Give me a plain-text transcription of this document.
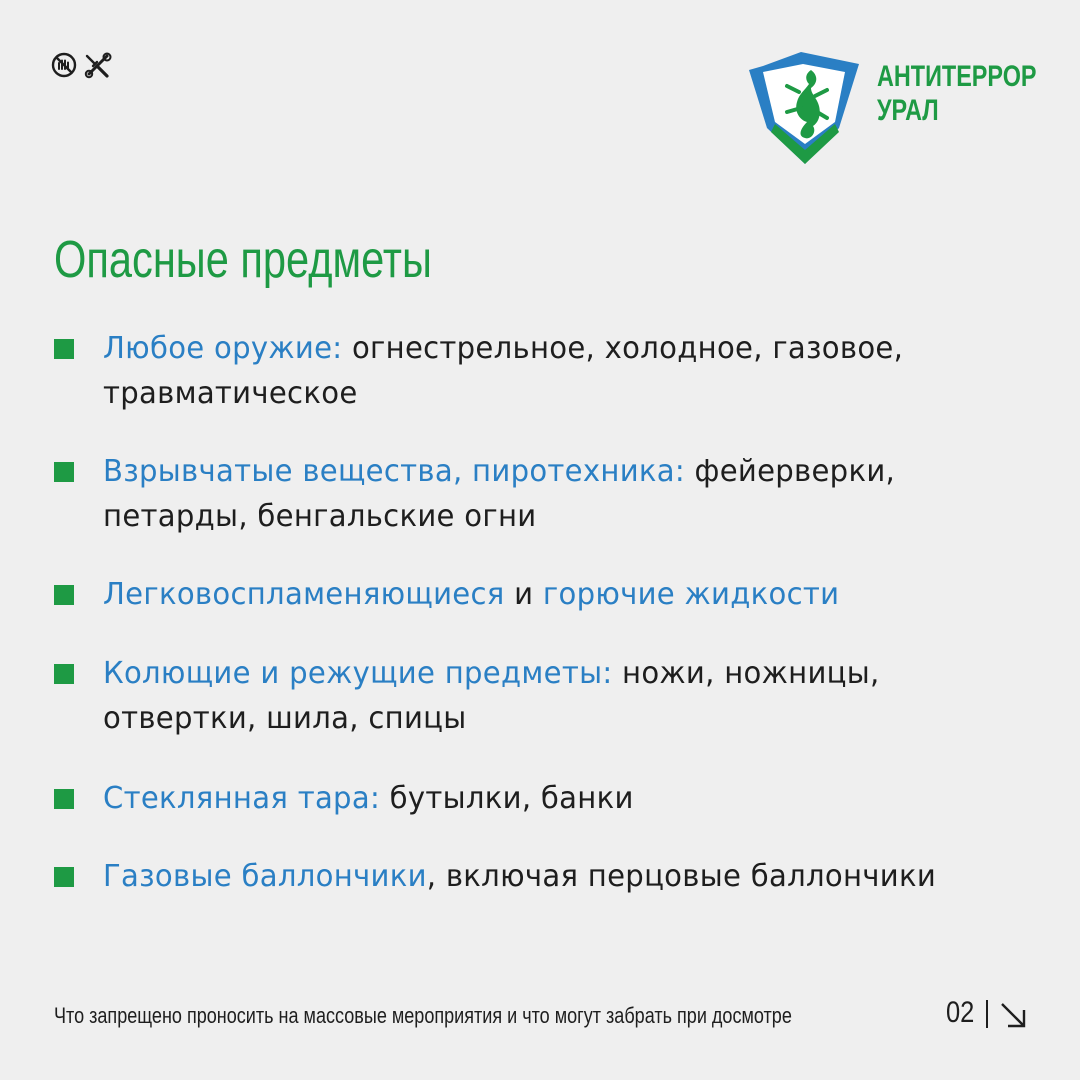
АНТИТЕРРОР
УРАЛ
Опасные предметы
Любое оружие: огнестрельное, холодное, газовое, травматическое
Взрывчатые вещества, пиротехника: фейерверки, петарды, бенгальские огни
Легковоспламеняющиеся и горючие жидкости
Колющие и режущие предметы: ножи, ножницы, отвертки, шила, спицы
Стеклянная тара: бутылки, банки
Газовые баллончики, включая перцовые баллончики
Что запрещено проносить на массовые мероприятия и что могут забрать при досмотре	02
